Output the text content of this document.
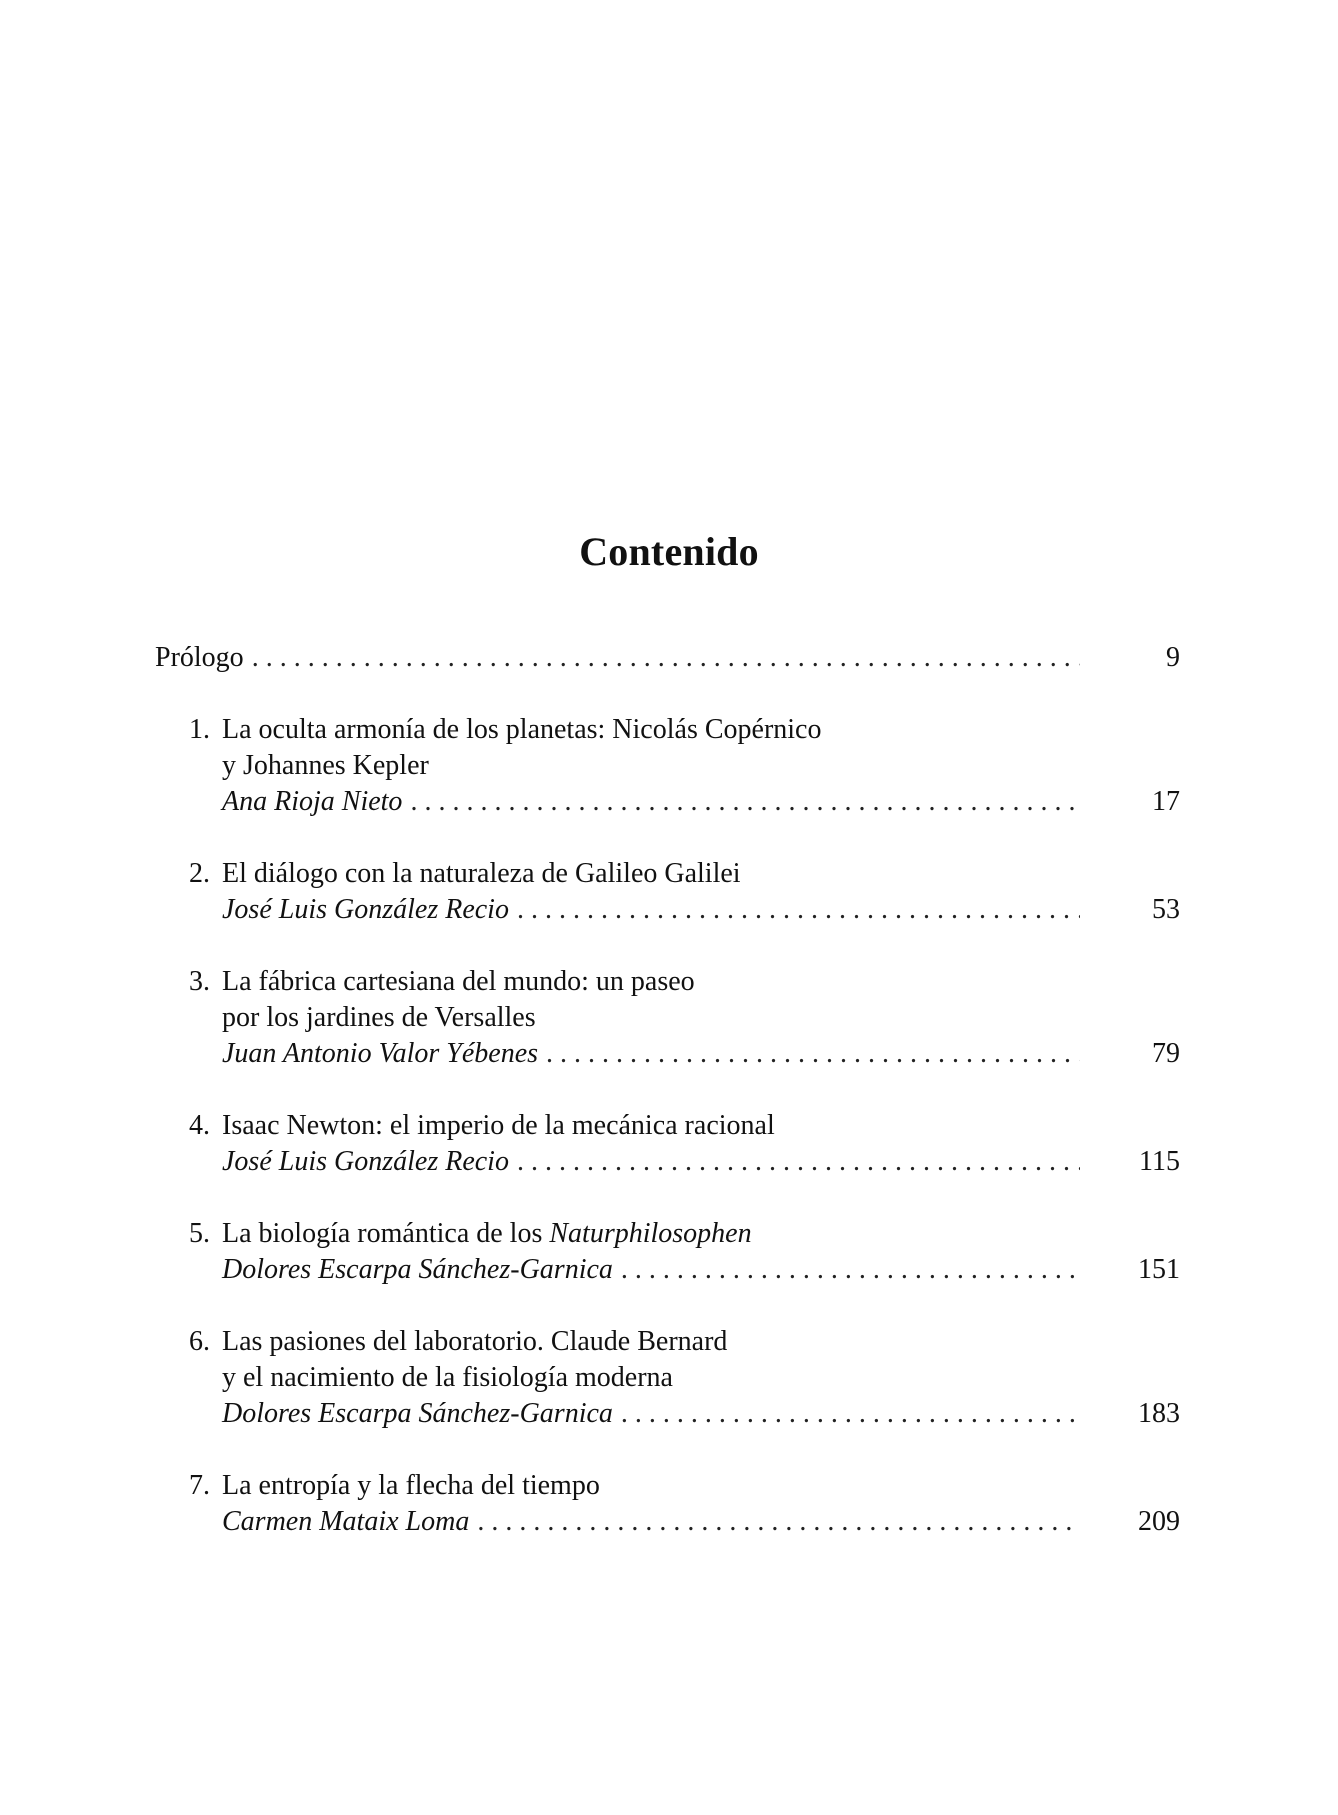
Contenido
Prólogo . . .	9
1. La oculta armonía de los planetas: Nicolás Copérnico
y Johannes Kepler
Ana Rioja Nieto . . .	17
2. El diálogo con la naturaleza de Galileo Galilei
José Luis González Recio . . .	53
3. La fábrica cartesiana del mundo: un paseo
por los jardines de Versalles
Juan Antonio Valor Yébenes . . .	79
4. Isaac Newton: el imperio de la mecánica racional
José Luis González Recio . . .	115
5. La biología romántica de los Naturphilosophen
Dolores Escarpa Sánchez-Garnica . . .	151
6. Las pasiones del laboratorio. Claude Bernard
y el nacimiento de la fisiología moderna
Dolores Escarpa Sánchez-Garnica . . .	183
7. La entropía y la flecha del tiempo
Carmen Mataix Loma . . .	209
